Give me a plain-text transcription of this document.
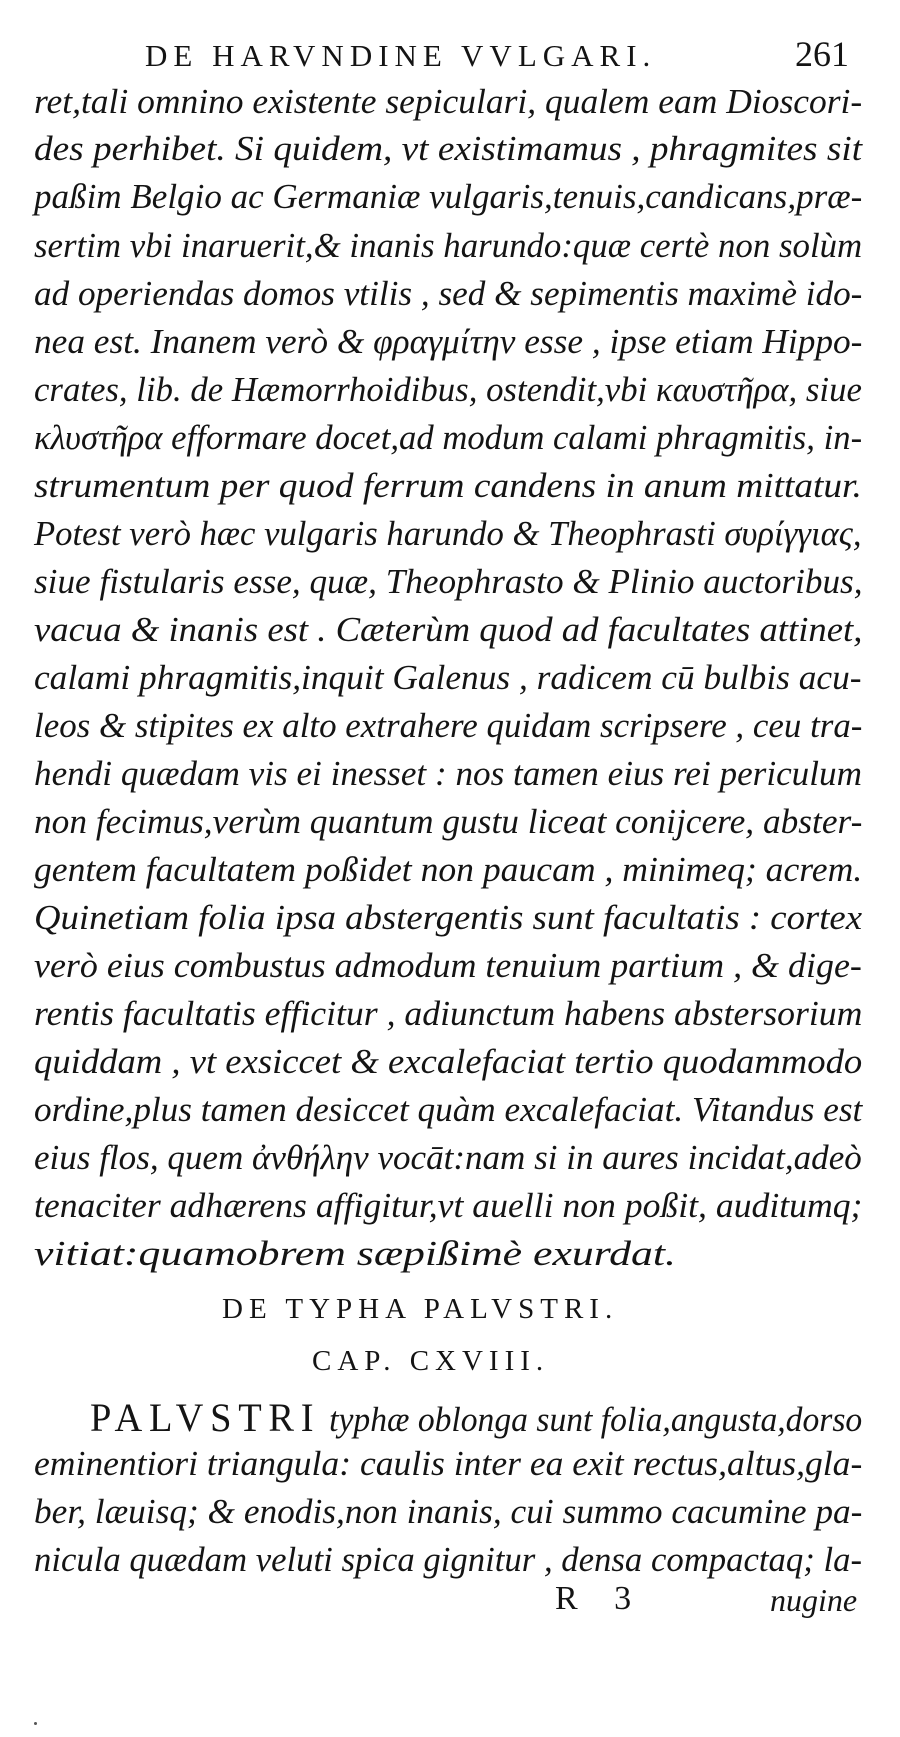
DE HARVNDINE VVLGARI.	261
ret,tali omnino existente sepiculari, qualem eam Dioscori-
des perhibet. Si quidem, vt existimamus , phragmites sit
paßim Belgio ac Germaniæ vulgaris,tenuis,candicans,præ-
sertim vbi inaruerit,& inanis harundo:quæ certè non solùm
ad operiendas domos vtilis , sed & sepimentis maximè ido-
nea est. Inanem verò & φραγμίτην esse , ipse etiam Hippo-
crates, lib. de Hæmorrhoidibus, ostendit,vbi καυστῆρα, siue
κλυστῆρα efformare docet,ad modum calami phragmitis, in-
strumentum per quod ferrum candens in anum mittatur.
Potest verò hæc vulgaris harundo & Theophrasti συρίγγιας,
siue fistularis esse, quæ, Theophrasto & Plinio auctoribus,
vacua & inanis est . Cæterùm quod ad facultates attinet,
calami phragmitis,inquit Galenus , radicem cū bulbis acu-
leos & stipites ex alto extrahere quidam scripsere , ceu tra-
hendi quædam vis ei inesset : nos tamen eius rei periculum
non fecimus,verùm quantum gustu liceat conijcere, abster-
gentem facultatem poßidet non paucam , minimeq; acrem.
Quinetiam folia ipsa abstergentis sunt facultatis : cortex
verò eius combustus admodum tenuium partium , & dige-
rentis facultatis efficitur , adiunctum habens abstersorium
quiddam , vt exsiccet & excalefaciat tertio quodammodo
ordine,plus tamen desiccet quàm excalefaciat. Vitandus est
eius flos, quem ἀνθήλην vocāt:nam si in aures incidat,adeò
tenaciter adhærens affigitur,vt auelli non poßit, auditumq;
vitiat:quamobrem sæpißimè exurdat.
DE TYPHA PALVSTRI.
CAP. CXVIII.
PALVSTRI typhæ oblonga sunt folia,angusta,dorso
eminentiori triangula: caulis inter ea exit rectus,altus,gla-
ber, læuisq; & enodis,non inanis, cui summo cacumine pa-
nicula quædam veluti spica gignitur , densa compactaq; la-
R 3	nugine
